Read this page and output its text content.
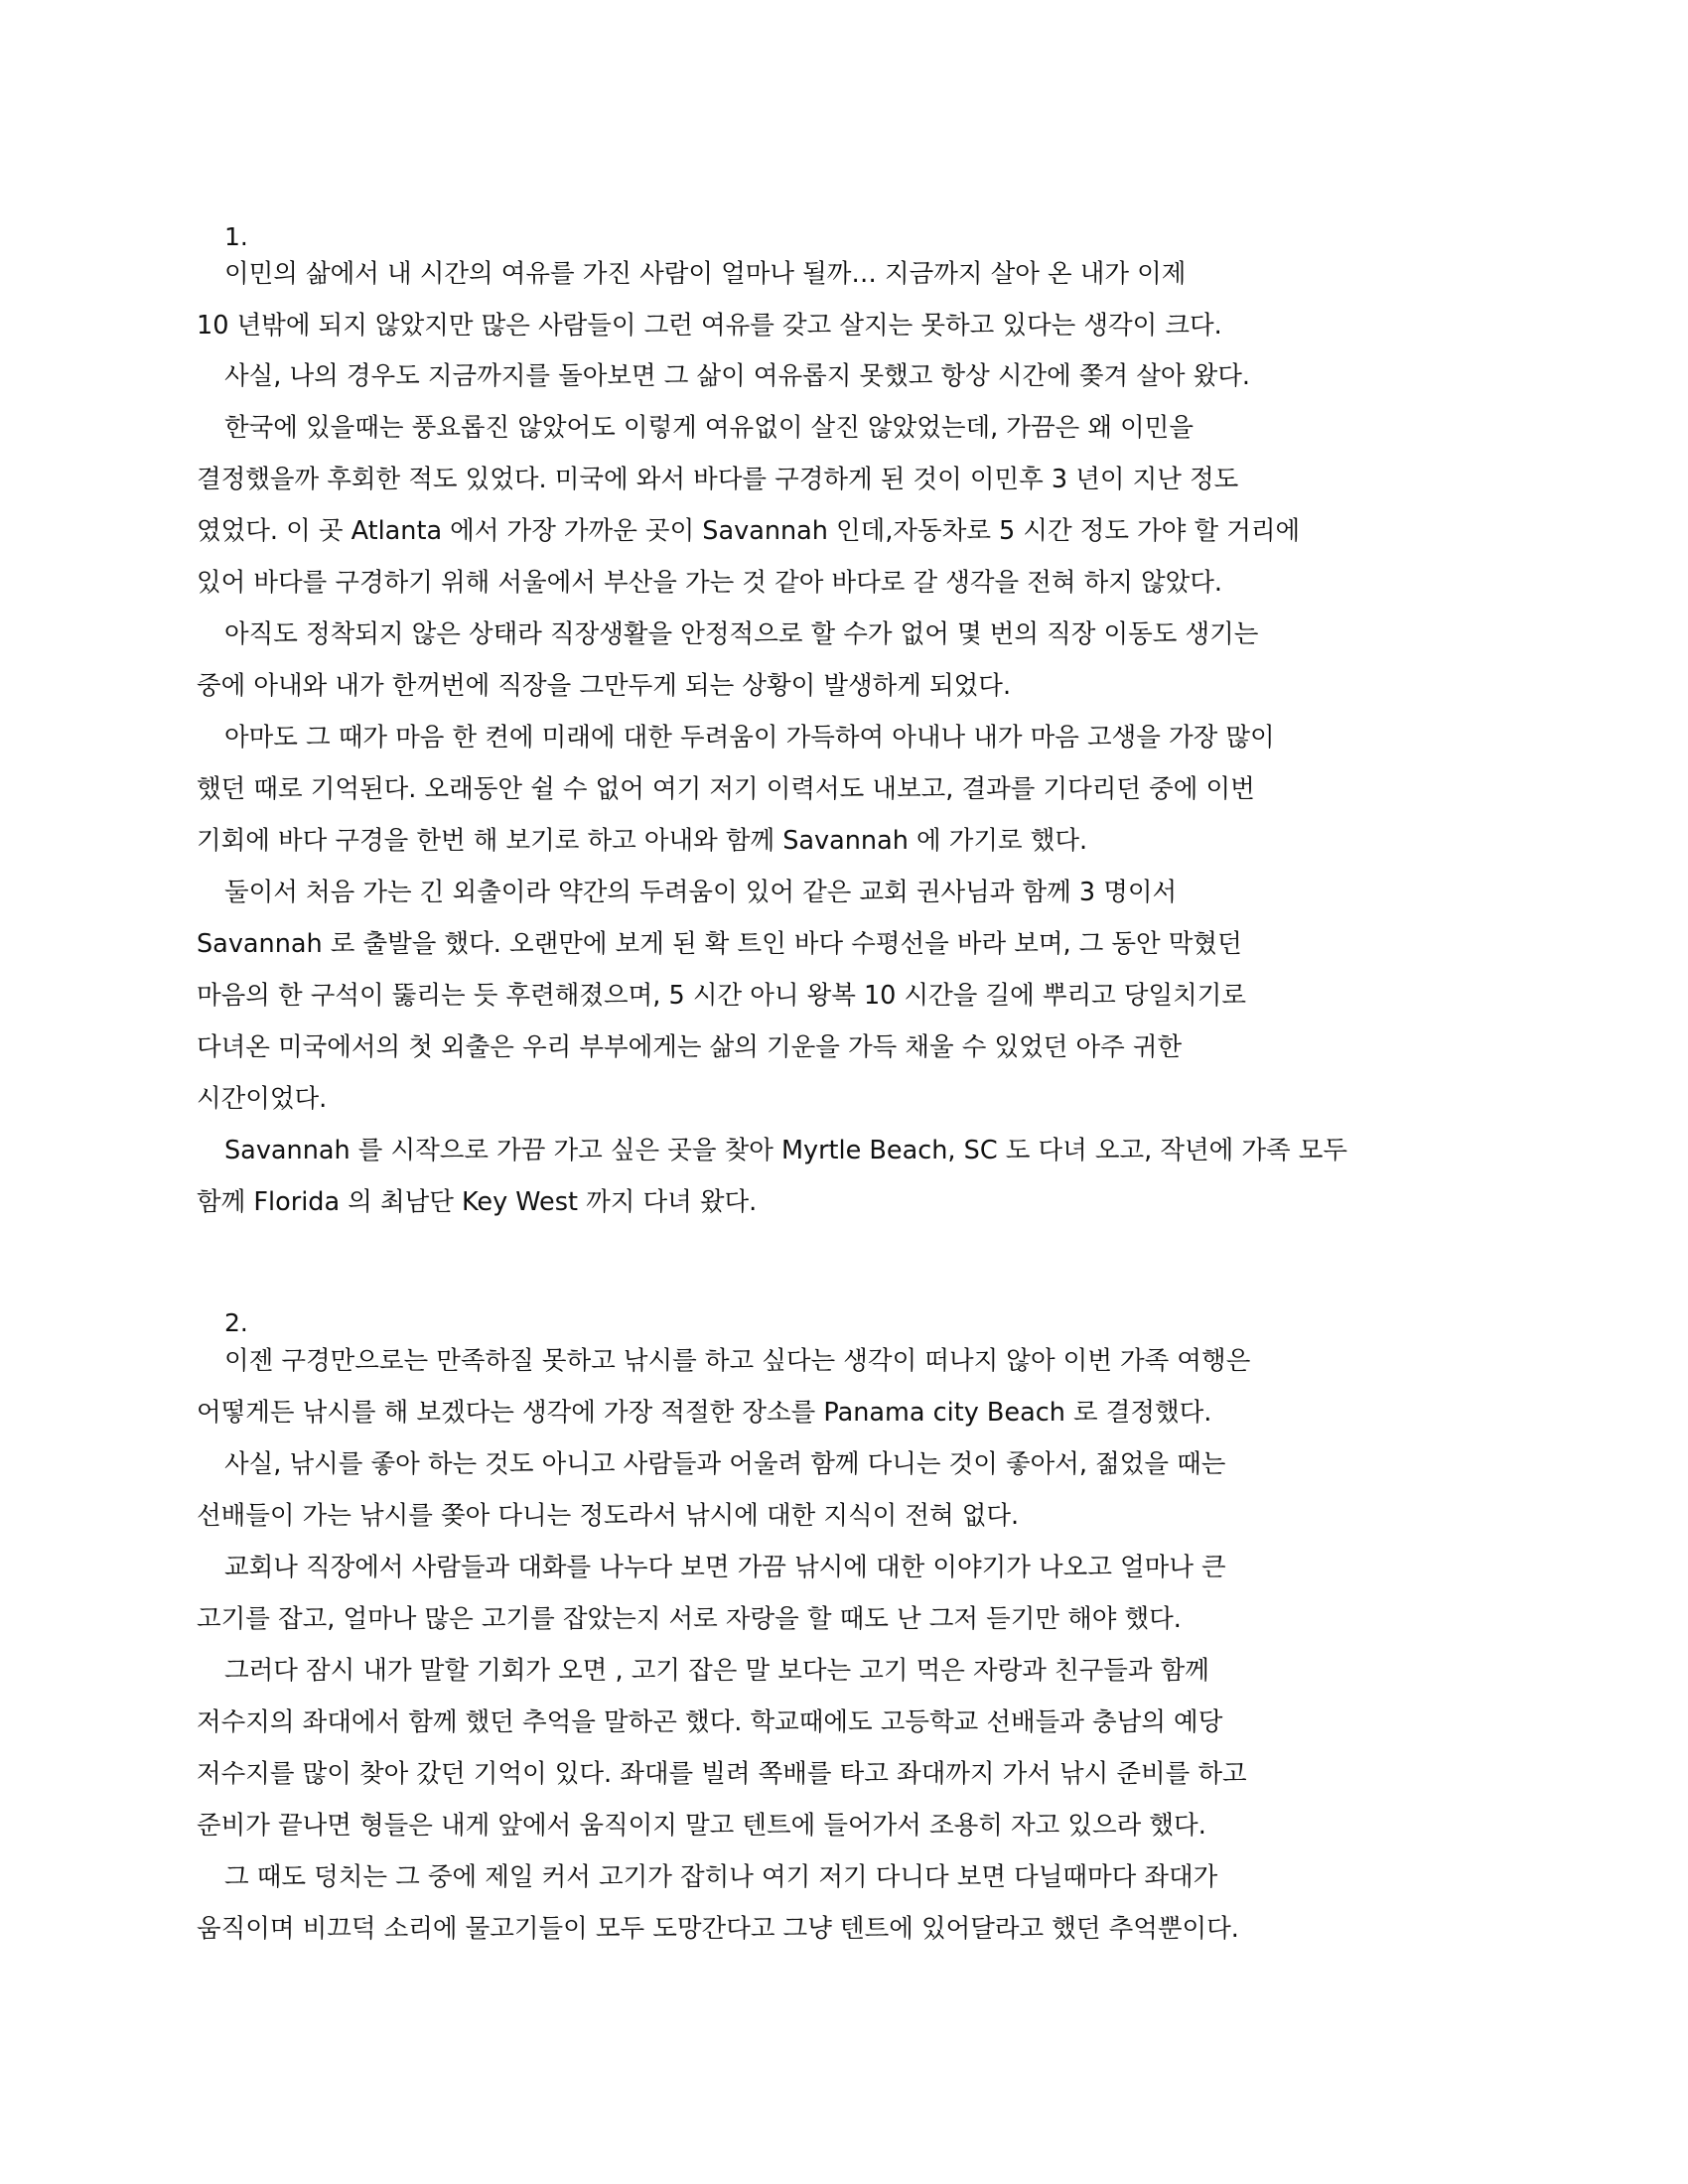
1.
이민의 삶에서 내 시간의 여유를 가진 사람이 얼마나 될까… 지금까지 살아 온 내가 이제
10 년밖에 되지 않았지만 많은 사람들이 그런 여유를 갖고 살지는 못하고 있다는 생각이 크다.
사실, 나의 경우도 지금까지를 돌아보면 그 삶이 여유롭지 못했고 항상 시간에 쫒겨 살아 왔다.
한국에 있을때는 풍요롭진 않았어도 이렇게 여유없이 살진 않았었는데, 가끔은 왜 이민을
결정했을까 후회한 적도 있었다. 미국에 와서 바다를 구경하게 된 것이 이민후 3 년이 지난 정도
였었다. 이 곳 Atlanta 에서 가장 가까운 곳이 Savannah 인데,자동차로 5 시간 정도 가야 할 거리에
있어 바다를 구경하기 위해 서울에서 부산을 가는 것 같아 바다로 갈 생각을 전혀 하지 않았다.
아직도 정착되지 않은 상태라 직장생활을 안정적으로 할 수가 없어 몇 번의 직장 이동도 생기는
중에 아내와 내가 한꺼번에 직장을 그만두게 되는 상황이 발생하게 되었다.
아마도 그 때가 마음 한 켠에 미래에 대한 두려움이 가득하여 아내나 내가 마음 고생을 가장 많이
했던 때로 기억된다. 오래동안 쉴 수 없어 여기 저기 이력서도 내보고, 결과를 기다리던 중에 이번
기회에 바다 구경을 한번 해 보기로 하고 아내와 함께 Savannah 에 가기로 했다.
둘이서 처음 가는 긴 외출이라 약간의 두려움이 있어 같은 교회 권사님과 함께 3 명이서
Savannah 로 출발을 했다. 오랜만에 보게 된 확 트인 바다 수평선을 바라 보며, 그 동안 막혔던
마음의 한 구석이 뚫리는 듯 후련해졌으며, 5 시간 아니 왕복 10 시간을 길에 뿌리고 당일치기로
다녀온 미국에서의 첫 외출은 우리 부부에게는 삶의 기운을 가득 채울 수 있었던 아주 귀한
시간이었다.
Savannah 를 시작으로 가끔 가고 싶은 곳을 찾아 Myrtle Beach, SC 도 다녀 오고, 작년에 가족 모두
함께 Florida 의 최남단 Key West 까지 다녀 왔다.
2.
이젠 구경만으로는 만족하질 못하고 낚시를 하고 싶다는 생각이 떠나지 않아 이번 가족 여행은
어떻게든 낚시를 해 보겠다는 생각에 가장 적절한 장소를 Panama city Beach 로 결정했다.
사실, 낚시를 좋아 하는 것도 아니고 사람들과 어울려 함께 다니는 것이 좋아서, 젊었을 때는
선배들이 가는 낚시를 쫒아 다니는 정도라서 낚시에 대한 지식이 전혀 없다.
교회나 직장에서 사람들과 대화를 나누다 보면 가끔 낚시에 대한 이야기가 나오고 얼마나 큰
고기를 잡고, 얼마나 많은 고기를 잡았는지 서로 자랑을 할 때도 난 그저 듣기만 해야 했다.
그러다 잠시 내가 말할 기회가 오면 , 고기 잡은 말 보다는 고기 먹은 자랑과 친구들과 함께
저수지의 좌대에서 함께 했던 추억을 말하곤 했다. 학교때에도 고등학교 선배들과 충남의 예당
저수지를 많이 찾아 갔던 기억이 있다. 좌대를 빌려 쪽배를 타고 좌대까지 가서 낚시 준비를 하고
준비가 끝나면 형들은 내게 앞에서 움직이지 말고 텐트에 들어가서 조용히 자고 있으라 했다.
그 때도 덩치는 그 중에 제일 커서 고기가 잡히나 여기 저기 다니다 보면 다닐때마다 좌대가
움직이며 비끄덕 소리에 물고기들이 모두 도망간다고 그냥 텐트에 있어달라고 했던 추억뿐이다.
